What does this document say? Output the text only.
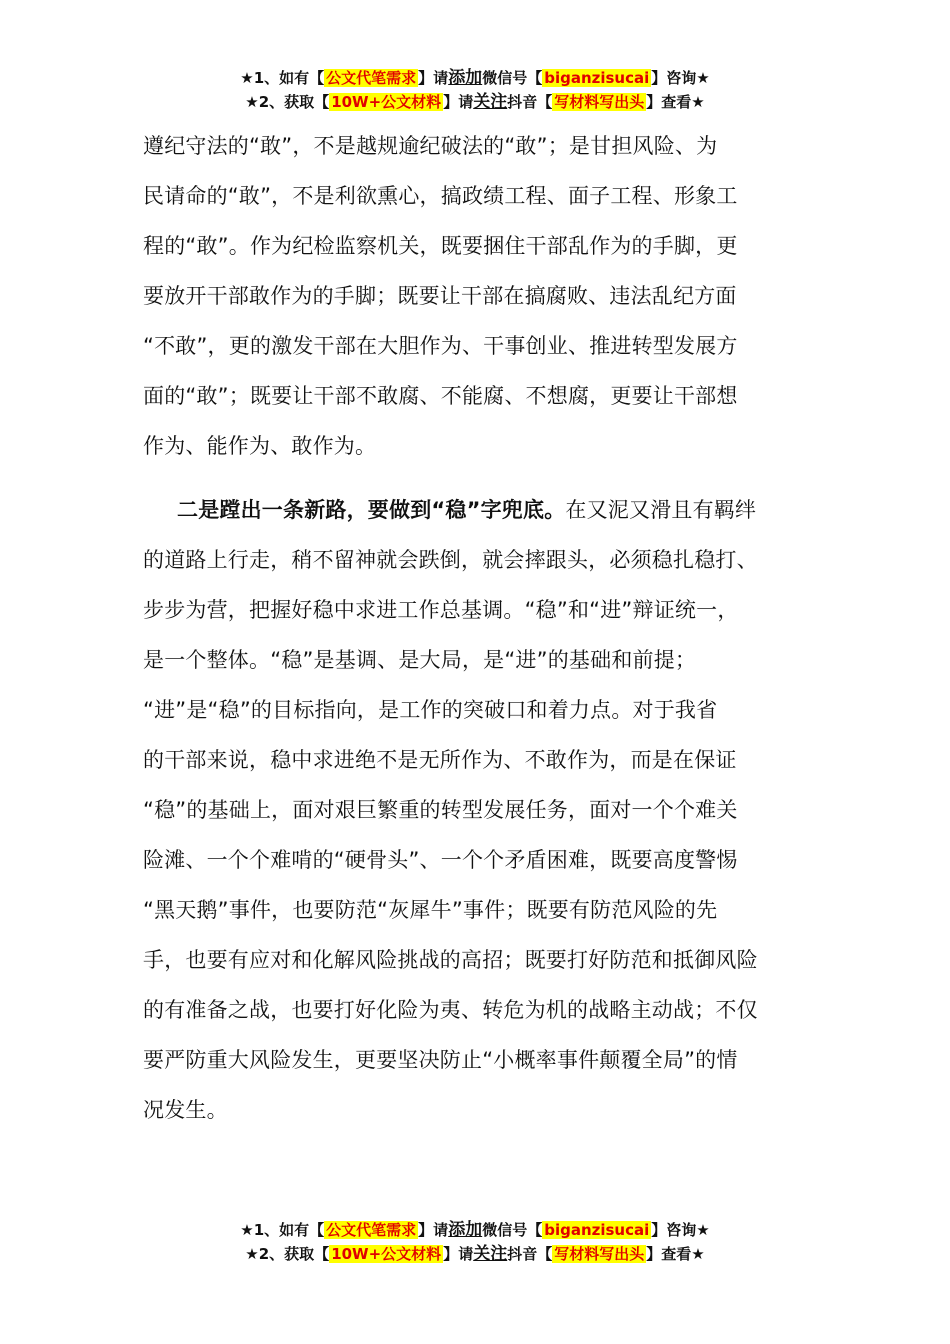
★1、如有【 公文代笔需求 】请添加微信号【 biganzisucai 】咨询★
★2、获取【 10W+公文材料 】请关注抖音【 写材料写出头 】查看★

遵纪守法的“敢”，不是越规逾纪破法的“敢”；是甘担风险、为

民请命的“敢”，不是利欲熏心，搞政绩工程、面子工程、形象工

程的“敢”。作为纪检监察机关，既要捆住干部乱作为的手脚，更

要放开干部敢作为的手脚；既要让干部在搞腐败、违法乱纪方面

“不敢”，更的激发干部在大胆作为、干事创业、推进转型发展方

面的“敢”；既要让干部不敢腐、不能腐、不想腐，更要让干部想

作为、能作为、敢作为。

二是蹚出一条新路，要做到“稳”字兜底。在又泥又滑且有羁绊

的道路上行走，稍不留神就会跌倒，就会摔跟头，必须稳扎稳打、

步步为营，把握好稳中求进工作总基调。“稳”和“进”辩证统一，

是一个整体。“稳”是基调、是大局，是“进”的基础和前提；

“进”是“稳”的目标指向，是工作的突破口和着力点。对于我省

的干部来说，稳中求进绝不是无所作为、不敢作为，而是在保证

“稳”的基础上，面对艰巨繁重的转型发展任务，面对一个个难关

险滩、一个个难啃的“硬骨头”、一个个矛盾困难，既要高度警惕

“黑天鹅”事件，也要防范“灰犀牛”事件；既要有防范风险的先

手，也要有应对和化解风险挑战的高招；既要打好防范和抵御风险

的有准备之战，也要打好化险为夷、转危为机的战略主动战；不仅

要严防重大风险发生，更要坚决防止“小概率事件颠覆全局”的情

况发生。

★1、如有【 公文代笔需求 】请添加微信号【 biganzisucai 】咨询★
★2、获取【 10W+公文材料 】请关注抖音【 写材料写出头 】查看★
